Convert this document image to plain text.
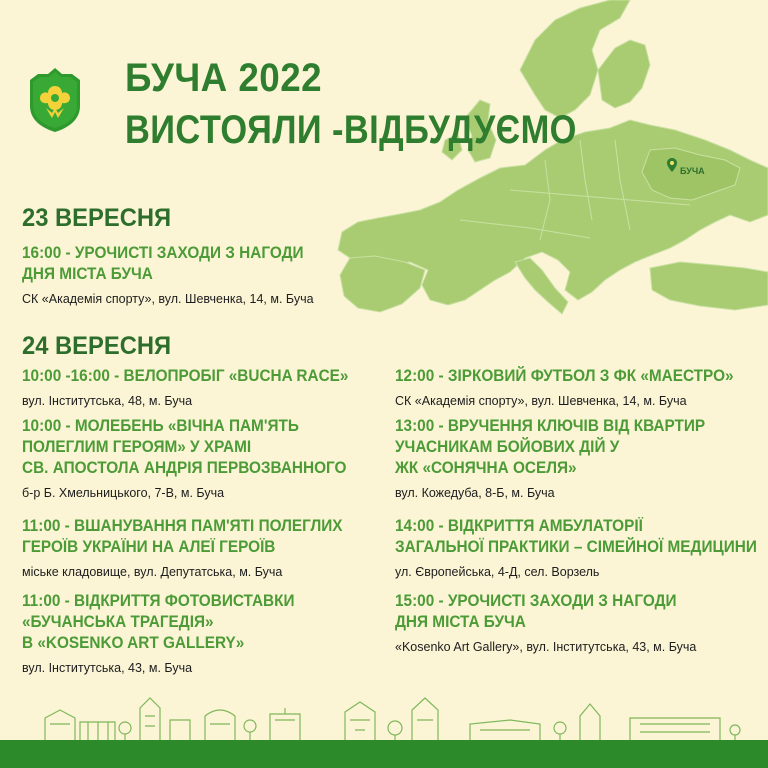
БУЧА
БУЧА 2022
ВИСТОЯЛИ -ВІДБУДУЄМО
23 ВЕРЕСНЯ
16:00 - УРОЧИСТІ ЗАХОДИ З НАГОДИ
ДНЯ МІСТА БУЧА
СК «Академія спорту», вул. Шевченка, 14, м. Буча
24 ВЕРЕСНЯ
10:00 -16:00 - ВЕЛОПРОБІГ «BUCHA RACE»
вул. Інститутська, 48, м. Буча
10:00 - МОЛЕБЕНЬ «ВІЧНА ПАМ'ЯТЬ
ПОЛЕГЛИМ ГЕРОЯМ» У ХРАМІ
СВ. АПОСТОЛА АНДРІЯ ПЕРВОЗВАННОГО
б-р Б. Хмельницького, 7-В, м. Буча
11:00 - ВШАНУВАННЯ ПАМ'ЯТІ ПОЛЕГЛИХ
ГЕРОЇВ УКРАЇНИ НА АЛЕЇ ГЕРОЇВ
міське кладовище, вул. Депутатська, м. Буча
11:00 - ВІДКРИТТЯ ФОТОВИСТАВКИ
«БУЧАНСЬКА ТРАГЕДІЯ»
В «KOSENKO ART GALLERY»
вул. Інститутська, 43, м. Буча
12:00 - ЗІРКОВИЙ ФУТБОЛ З ФК «МАЕСТРО»
СК «Академія спорту», вул. Шевченка, 14, м. Буча
13:00 - ВРУЧЕННЯ КЛЮЧІВ ВІД КВАРТИР
УЧАСНИКАМ БОЙОВИХ ДІЙ У
ЖК «СОНЯЧНА ОСЕЛЯ»
вул. Кожедуба, 8-Б, м. Буча
14:00 - ВІДКРИТТЯ АМБУЛАТОРІЇ
ЗАГАЛЬНОЇ ПРАКТИКИ – СІМЕЙНОЇ МЕДИЦИНИ
ул. Європейська, 4-Д, сел. Ворзель
15:00 - УРОЧИСТІ ЗАХОДИ З НАГОДИ
ДНЯ МІСТА БУЧА
«Kosenko Art Gallery», вул. Інститутська, 43, м. Буча
